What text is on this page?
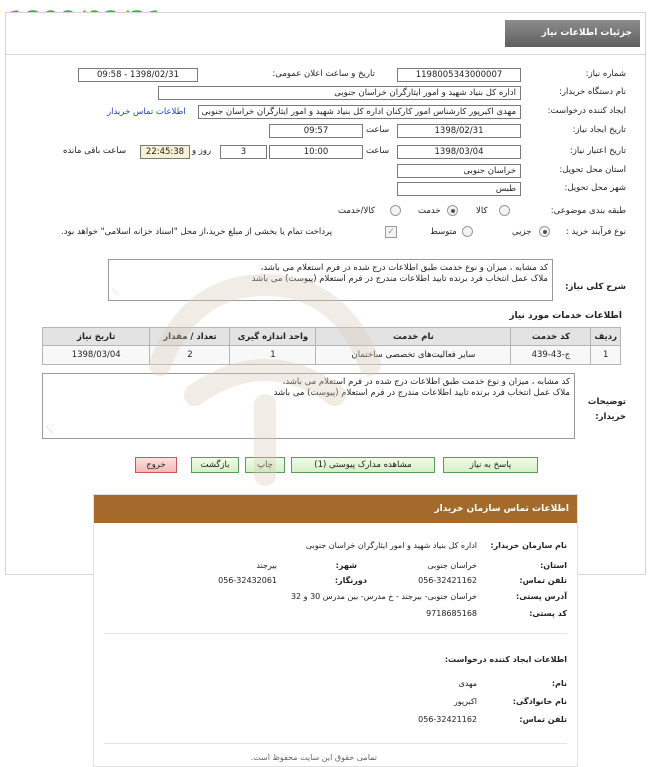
جزئیات اطلاعات نیاز
شماره نیاز:
1198005343000007
تاریخ و ساعت اعلان عمومی:
1398/02/31 - 09:58
نام دستگاه خریدار:
اداره کل بنیاد شهید و امور ایثارگران خراسان جنوبی
ایجاد کننده درخواست:
مهدی اکبرپور کارشناس امور کارکنان اداره کل بنیاد شهید و امور ایثارگران خراسان جنوبی
اطلاعات تماس خریدار
تاریخ ایجاد نیاز:
1398/02/31
ساعت
09:57
تاریخ اعتبار نیاز:
1398/03/04
ساعت
10:00
3
روز و
22:45:38
ساعت باقی مانده
استان محل تحویل:
خراسان جنوبی
شهر محل تحویل:
طبس
طبقه بندی موضوعی:
کالا
خدمت
کالا/خدمت
نوع فرآیند خرید :
جزیی
متوسط
✓
پرداخت تمام یا بخشی از مبلغ خرید،از محل "اسناد خزانه اسلامی" خواهد بود.
شرح کلی نیاز:
کد مشابه ، میزان و نوع خدمت طبق اطلاعات درج شده در فرم استعلام می باشد،
ملاک عمل انتخاب فرد برنده تایید اطلاعات مندرج در فرم استعلام (پیوست) می باشد
⋰
اطلاعات خدمات مورد نیاز
ردیف	کد خدمت	نام خدمت	واحد اندازه گیری	تعداد / مقدار	تاریخ نیاز
1	ج-43-439	سایر فعالیت‌های تخصصی ساختمان	1	2	1398/03/04
توضیحات خریدار:
کد مشابه ، میزان و نوع خدمت طبق اطلاعات درج شده در فرم استعلام می باشد،
ملاک عمل انتخاب فرد برنده تایید اطلاعات مندرج در فرم استعلام (پیوست) می باشد
⋰
پاسخ به نیاز
مشاهده مدارک پیوستی (1)
چاپ
بازگشت
خروج
اطلاعات تماس سازمان خریدار
نام سازمان خریدار:
اداره کل بنیاد شهید و امور ایثارگران خراسان جنوبی
استان:
خراسان جنوبی
شهر:
بیرجند
تلفن تماس:
056-32421162
دورنگار:
056-32432061
آدرس پستی:
خراسان جنوبی- بیرجند - خ مدرس- بین مدرس 30 و 32
کد پستی:
9718685168
اطلاعات ایجاد کننده درخواست:
نام:
مهدی
نام خانوادگی:
اکبرپور
تلفن تماس:
056-32421162
تمامی حقوق این سایت محفوظ است.
